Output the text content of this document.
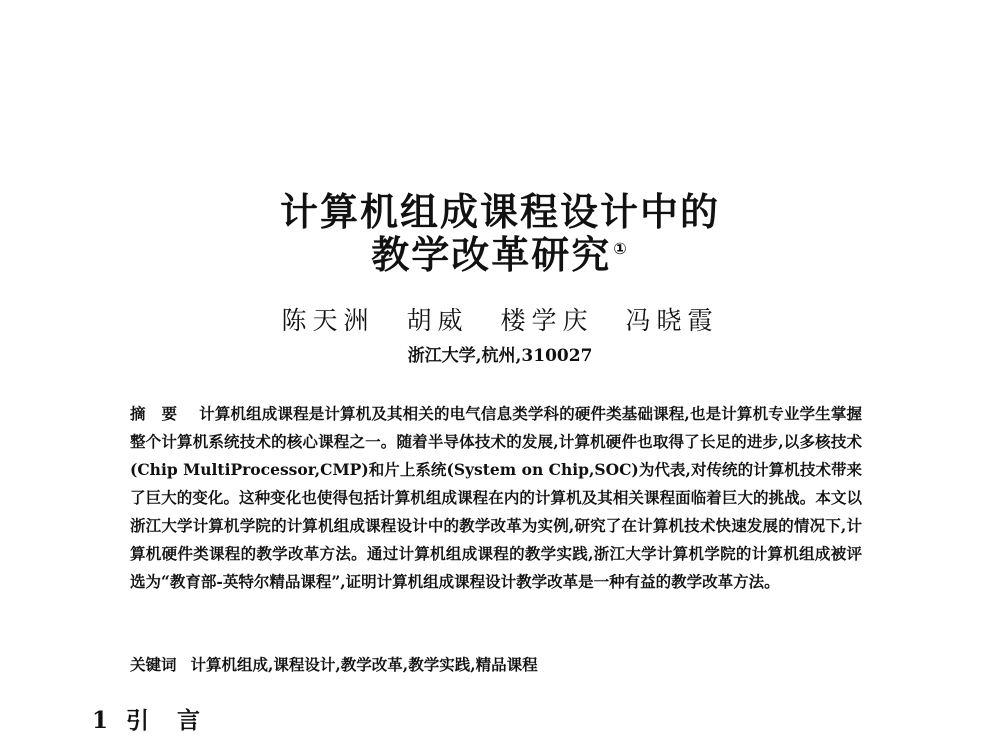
计算机组成课程设计中的
教学改革研究 ①
陈天洲 胡威 楼学庆 冯晓霞
浙江大学,杭州,310027
摘要 计算机组成课程是计算机及其相关的电气信息类学科的硬件类基础课程,也是计算机专业学生掌握整个计算机系统技术的核心课程之一。随着半导体技术的发展,计算机硬件也取得了长足的进步,以多核技术(Chip MultiProcessor,CMP)和片上系统(System on Chip,SOC)为代表,对传统的计算机技术带来了巨大的变化。这种变化也使得包括计算机组成课程在内的计算机及其相关课程面临着巨大的挑战。本文以浙江大学计算机学院的计算机组成课程设计中的教学改革为实例,研究了在计算机技术快速发展的情况下,计算机硬件类课程的教学改革方法。通过计算机组成课程的教学实践,浙江大学计算机学院的计算机组成被评选为“教育部-英特尔精品课程”,证明计算机组成课程设计教学改革是一种有益的教学改革方法。
关键词 计算机组成,课程设计,教学改革,教学实践,精品课程
1 引言
